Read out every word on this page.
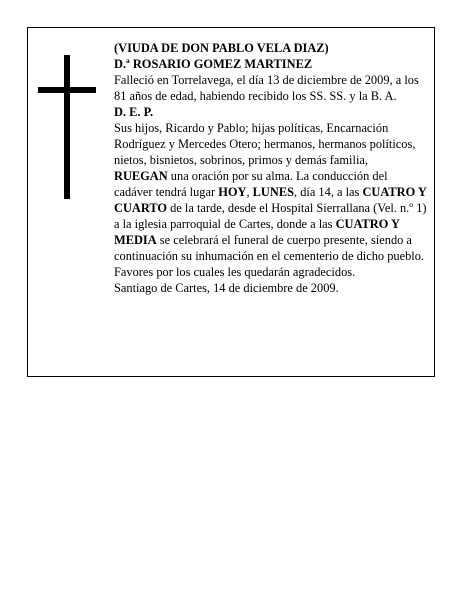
(VIUDA DE DON PABLO VELA DIAZ)

D.ª ROSARIO GOMEZ MARTINEZ

Falleció en Torrelavega, el día 13 de diciembre de 2009, a los 81 años de edad, habiendo recibido los SS. SS. y la B. A.

D. E. P.

Sus hijos, Ricardo y Pablo; hijas políticas, Encarnación Rodríguez y Mercedes Otero; hermanos, hermanos políticos, nietos, bisnietos, sobrinos, primos y demás familia,

RUEGAN una oración por su alma. La conducción del cadáver tendrá lugar HOY, LUNES, día 14, a las CUATRO Y CUARTO de la tarde, desde el Hospital Sierrallana (Vel. n.º 1) a la iglesia parroquial de Cartes, donde a las CUATRO Y MEDIA se celebrará el funeral de cuerpo presente, siendo a continuación su inhumación en el cementerio de dicho pueblo. Favores por los cuales les quedarán agradecidos.

Santiago de Cartes, 14 de diciembre de 2009.
